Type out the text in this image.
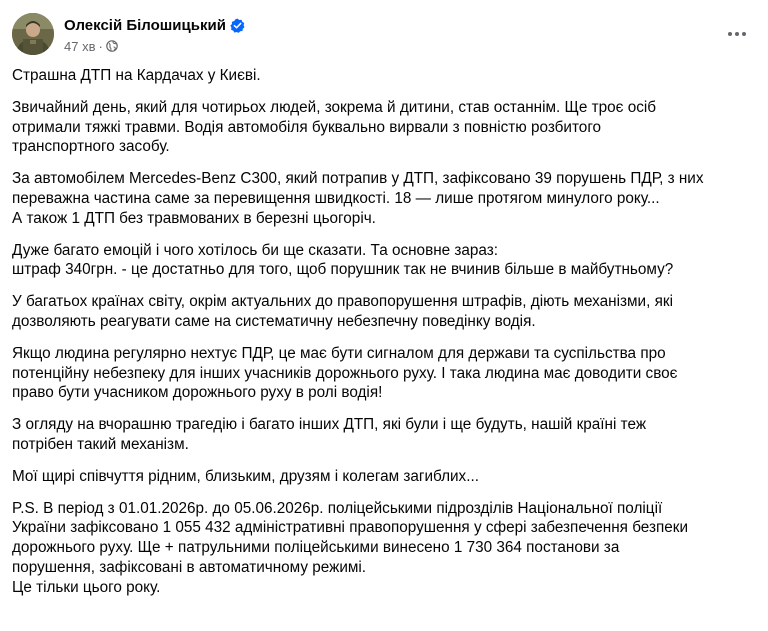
Олексій Білошицький
47 хв ·

Страшна ДТП на Кардачах у Києві.

Звичайний день, який для чотирьох людей, зокрема й дитини, став останнім. Ще троє осіб
отримали тяжкі травми. Водія автомобіля буквально вирвали з повністю розбитого
транспортного засобу.

За автомобілем Mercedes-Benz С300, який потрапив у ДТП, зафіксовано 39 порушень ПДР, з них
переважна частина саме за перевищення швидкості. 18 — лише протягом минулого року...
А також 1 ДТП без травмованих в березні цьогоріч.

Дуже багато емоцій і чого хотілось би ще сказати. Та основне зараз:
штраф 340грн. - це достатньо для того, щоб порушник так не вчинив більше в майбутньому?

У багатьох країнах світу, окрім актуальних до правопорушення штрафів, діють механізми, які
дозволяють реагувати саме на систематичну небезпечну поведінку водія.

Якщо людина регулярно нехтує ПДР, це має бути сигналом для держави та суспільства про
потенційну небезпеку для інших учасників дорожнього руху. І така людина має доводити своє
право бути учасником дорожнього руху в ролі водія!

З огляду на вчорашню трагедію і багато інших ДТП, які були і ще будуть, нашій країні теж
потрібен такий механізм.

Мої щирі співчуття рідним, близьким, друзям і колегам загиблих...

P.S. В період з 01.01.2026р. до 05.06.2026р. поліцейськими підрозділів Національної поліції
України зафіксовано 1 055 432 адміністративні правопорушення у сфері забезпечення безпеки
дорожнього руху. Ще + патрульними поліцейськими винесено 1 730 364 постанови за
порушення, зафіксовані в автоматичному режимі.
Це тільки цього року.
